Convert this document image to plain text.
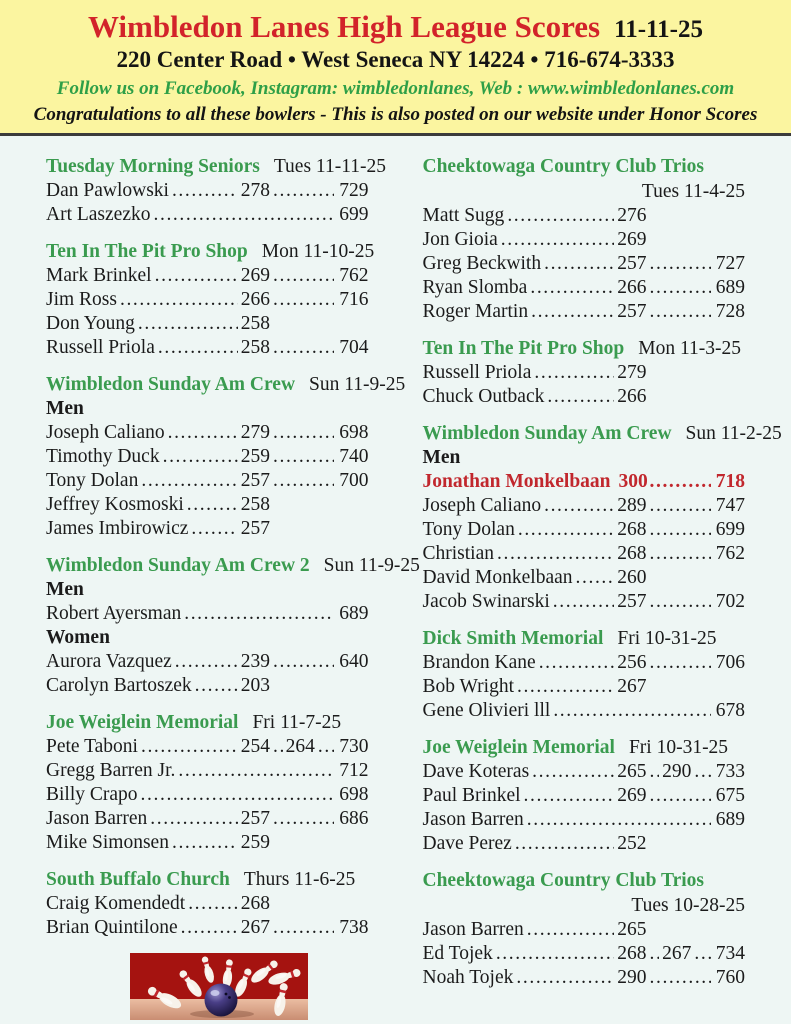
Wimbledon Lanes High League Scores 11-11-25
220 Center Road • West Seneca NY 14224 • 716-674-3333
Follow us on Facebook, Instagram: wimbledonlanes, Web : www.wimbledonlanes.com
Congratulations to all these bowlers - This is also posted on our website under Honor Scores
Tuesday Morning Seniors Tues 11-11-25
Dan Pawlowski .....	278 .....	729
Art Laszezko .....	699
Ten In The Pit Pro Shop Mon 11-10-25
Mark Brinkel .....	269 .....	762
Jim Ross .....	266 .....	716
Don Young .....	258
Russell Priola .....	258 .....	704
Wimbledon Sunday Am Crew Sun 11-9-25
Men
Joseph Caliano .....	279 .....	698
Timothy Duck .....	259 .....	740
Tony Dolan .....	257 .....	700
Jeffrey Kosmoski .....	258
James Imbirowicz .....	257
Wimbledon Sunday Am Crew 2 Sun 11-9-25
Men
Robert Ayersman .....	689
Women
Aurora Vazquez .....	239 .....	640
Carolyn Bartoszek .....	203
Joe Weiglein Memorial Fri 11-7-25
Pete Taboni .....	254 ..... 264 ..... 730
Gregg Barren Jr. .....	712
Billy Crapo .....	698
Jason Barren .....	257 .....	686
Mike Simonsen .....	259
South Buffalo Church Thurs 11-6-25
Craig Komendedt .....	268
Brian Quintilone .....	267 .....	738
Cheektowaga Country Club Trios
Tues 11-4-25
Matt Sugg .....	276
Jon Gioia .....	269
Greg Beckwith .....	257 .....	727
Ryan Slomba .....	266 .....	689
Roger Martin .....	257 .....	728
Ten In The Pit Pro Shop Mon 11-3-25
Russell Priola .....	279
Chuck Outback .....	266
Wimbledon Sunday Am Crew Sun 11-2-25
Men
Jonathan Monkelbaan 300 .....	718
Joseph Caliano .....	289 .....	747
Tony Dolan .....	268 .....	699
Christian .....	268 .....	762
David Monkelbaan ..... 260
Jacob Swinarski .....	257 .....	702
Dick Smith Memorial Fri 10-31-25
Brandon Kane .....	256 .....	706
Bob Wright .....	267
Gene Olivieri lll .....	678
Joe Weiglein Memorial Fri 10-31-25
Dave Koteras .....	265 ..... 290 ..... 733
Paul Brinkel .....	269 .....	675
Jason Barren .....	689
Dave Perez .....	252
Cheektowaga Country Club Trios
Tues 10-28-25
Jason Barren .....	265
Ed Tojek .....	268 ..... 267 ..... 734
Noah Tojek .....	290 .....	760
